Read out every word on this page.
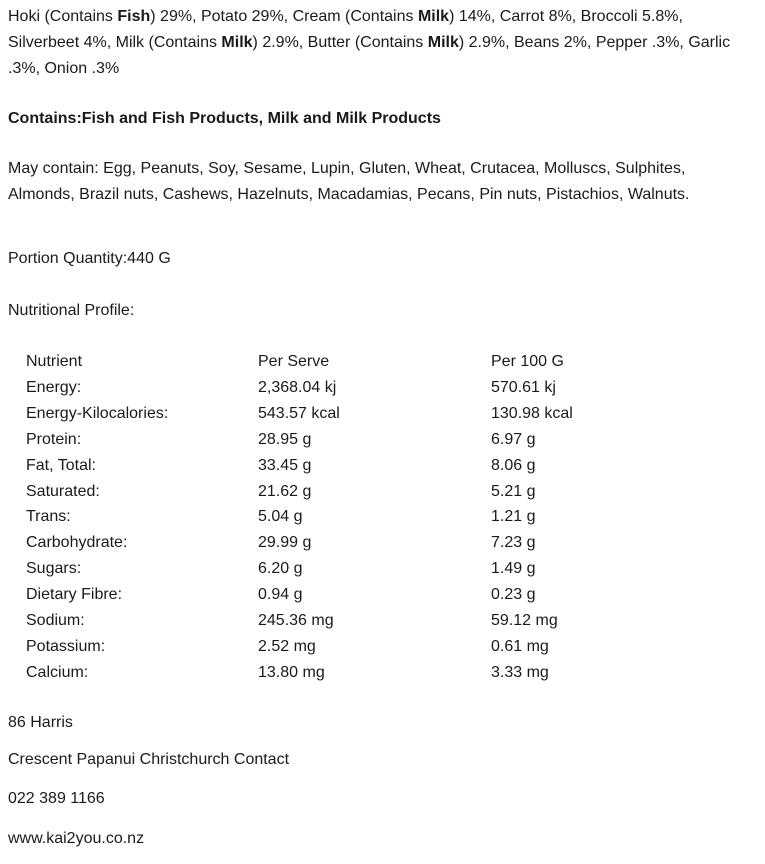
Hoki (Contains Fish) 29%, Potato 29%, Cream (Contains Milk) 14%, Carrot 8%, Broccoli 5.8%, Silverbeet 4%, Milk (Contains Milk) 2.9%, Butter (Contains Milk) 2.9%, Beans 2%, Pepper .3%, Garlic .3%, Onion .3%

Contains:Fish and Fish Products, Milk and Milk Products

May contain: Egg, Peanuts, Soy, Sesame, Lupin, Gluten, Wheat, Crutacea, Molluscs, Sulphites, Almonds, Brazil nuts, Cashews, Hazelnuts, Macadamias, Pecans, Pin nuts, Pistachios, Walnuts.

Portion Quantity:440 G

Nutritional Profile:

Nutrient	Per Serve	Per 100 G
Energy:	2,368.04 kj	570.61 kj
Energy-Kilocalories:	543.57 kcal	130.98 kcal
Protein:	28.95 g	6.97 g
Fat, Total:	33.45 g	8.06 g
Saturated:	21.62 g	5.21 g
Trans:	5.04 g	1.21 g
Carbohydrate:	29.99 g	7.23 g
Sugars:	6.20 g	1.49 g
Dietary Fibre:	0.94 g	0.23 g
Sodium:	245.36 mg	59.12 mg
Potassium:	2.52 mg	0.61 mg
Calcium:	13.80 mg	3.33 mg

86 Harris

Crescent Papanui Christchurch Contact

022 389 1166

www.kai2you.co.nz
